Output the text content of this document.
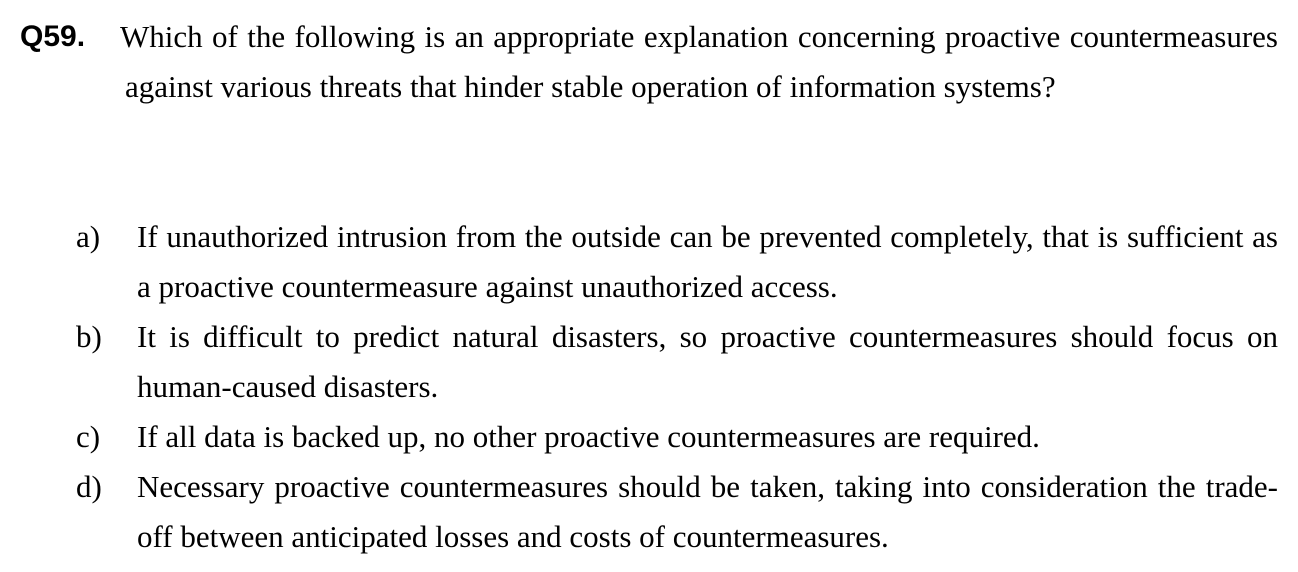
Q59. Which of the following is an appropriate explanation concerning proactive countermeasures against various threats that hinder stable operation of information systems?
a) If unauthorized intrusion from the outside can be prevented completely, that is sufficient as a proactive countermeasure against unauthorized access.
b) It is difficult to predict natural disasters, so proactive countermeasures should focus on human-caused disasters.
c) If all data is backed up, no other proactive countermeasures are required.
d) Necessary proactive countermeasures should be taken, taking into consideration the trade-off between anticipated losses and costs of countermeasures.
